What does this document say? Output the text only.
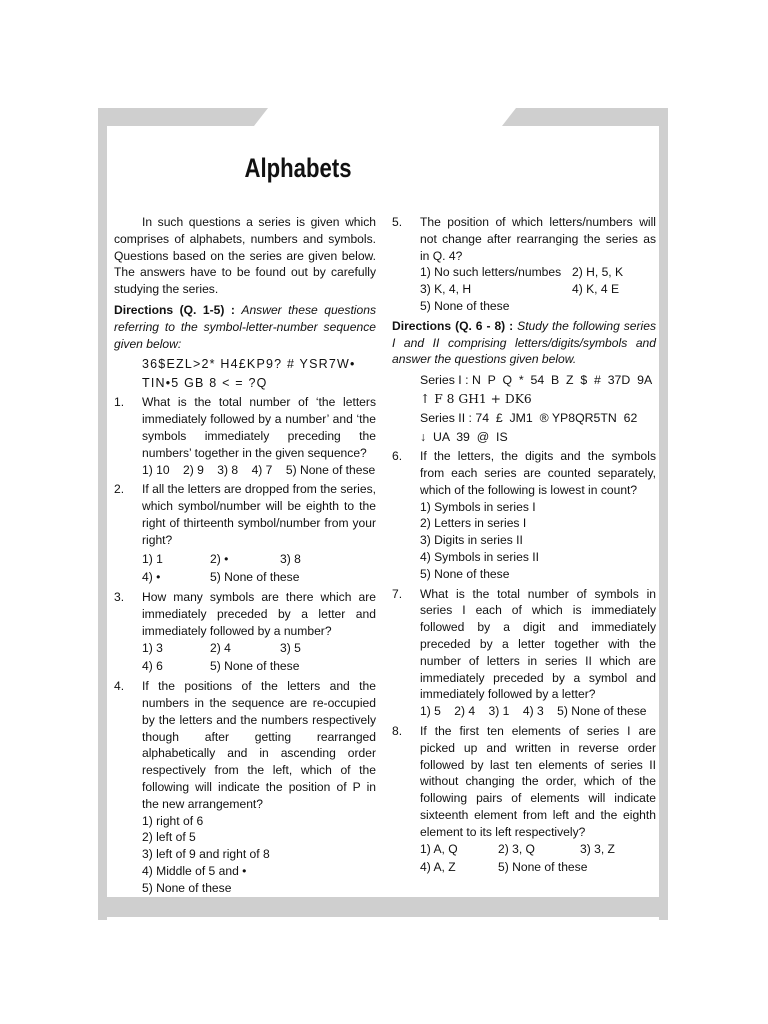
Alphabets

In such questions a series is given which comprises of alphabets, numbers and symbols. Questions based on the series are given below. The answers have to be found out by carefully studying the series.

Directions (Q. 1-5) : Answer these questions referring to the symbol-letter-number sequence given below:

36$EZL>2* H4£KP9? # YSR7W•
TIN•5 GB 8 < = ?Q
1. What is the total number of ‘the letters immediately followed by a number’ and ‘the symbols immediately preceding the numbers’ together in the given sequence?
1) 10    2) 9    3) 8    4) 7    5) None of these
2. If all the letters are dropped from the series, which symbol/number will be eighth to the right of thirteenth symbol/number from your right?
1) 1	2) •	3) 8
4) •	5) None of these
3. How many symbols are there which are immediately preceded by a letter and immediately followed by a number?
1) 3	2) 4	3) 5
4) 6	5) None of these
4. If the positions of the letters and the numbers in the sequence are re-occupied by the letters and the numbers respectively though after getting rearranged alphabetically and in ascending order respectively from the left, which of the following will indicate the position of P in the new arrangement?
1) right of 6
2) left of 5
3) left of 9 and right of 8
4) Middle of 5 and •
5) None of these
5. The position of which letters/numbers will not change after rearranging the series as in Q. 4?
1) No such letters/numbes 2) H, 5, K
3) K, 4, H	4) K, 4 E
5) None of these

Directions (Q. 6 - 8) : Study the following series I and II comprising letters/digits/symbols and answer the questions given below.

Series I : N  P  Q  *  54  B  Z  $  #  37D  9A
↑ F 8 GH1 + DK6
Series II : 74  £  JM1  ® YP8QR5TN  62
↓  UA  39  @  IS
6. If the letters, the digits and the symbols from each series are counted separately, which of the following is lowest in count?
1) Symbols in series I
2) Letters in series I
3) Digits in series II
4) Symbols in series II
5) None of these
7. What is the total number of symbols in series I each of which is immediately followed by a digit and immediately preceded by a letter together with the number of letters in series II which are immediately preceded by a symbol and immediately followed by a letter?
1) 5    2) 4    3) 1    4) 3    5) None of these
8. If the first ten elements of series I are picked up and written in reverse order followed by last ten elements of series II without changing the order, which of the following pairs of elements will indicate sixteenth element from left and the eighth element to its left respectively?
1) A, Q	2) 3, Q	3) 3, Z
4) A, Z	5) None of these
